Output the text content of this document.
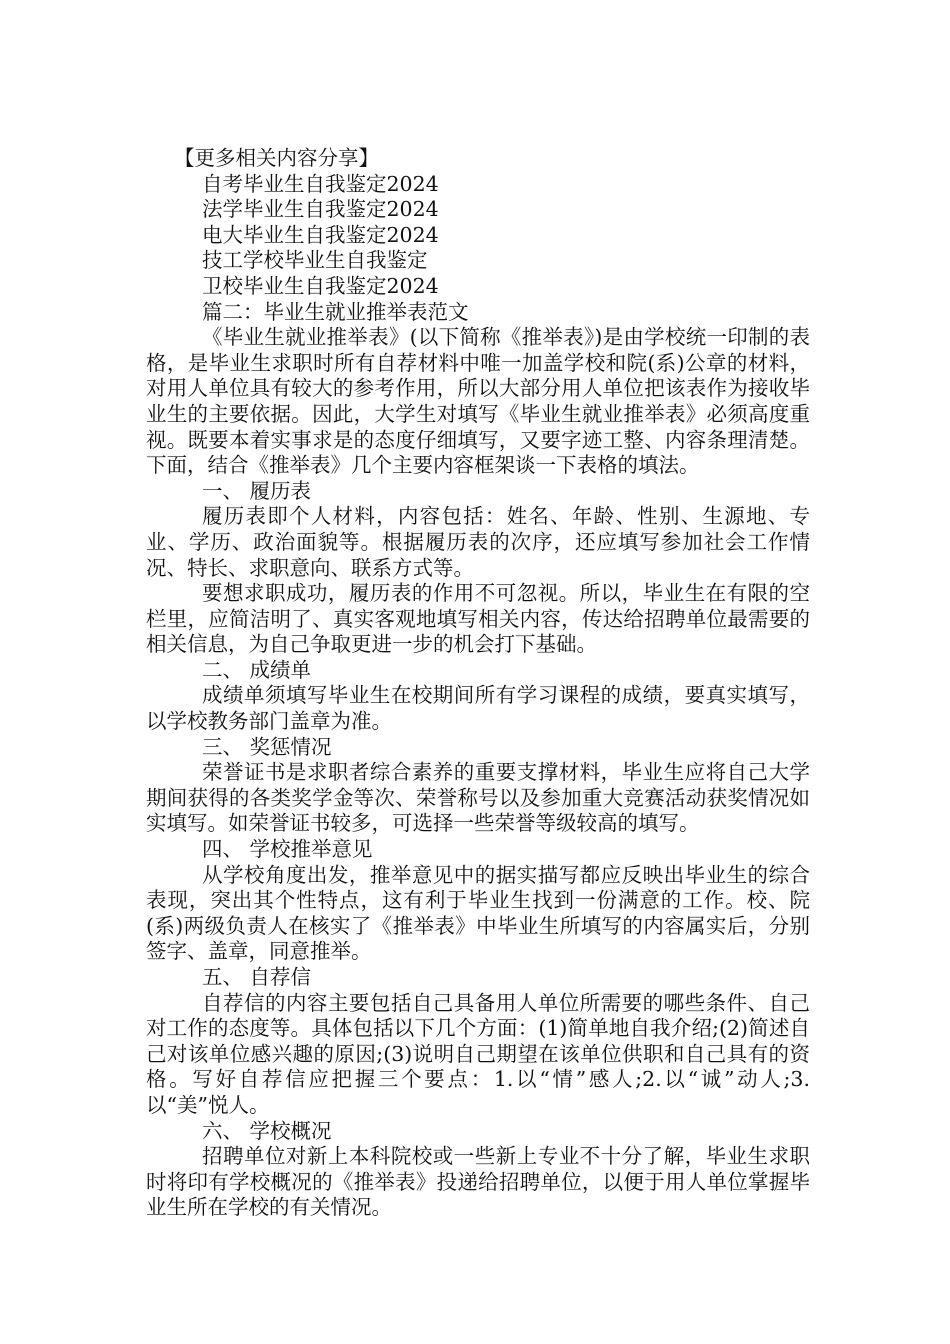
【更多相关内容分享】
自考毕业生自我鉴定2024
法学毕业生自我鉴定2024
电大毕业生自我鉴定2024
技工学校毕业生自我鉴定
卫校毕业生自我鉴定2024
篇二：毕业生就业推举表范文
《毕业生就业推举表》(以下简称《推举表》)是由学校统一印制的表格，是毕业生求职时所有自荐材料中唯一加盖学校和院(系)公章的材料，对用人单位具有较大的参考作用，所以大部分用人单位把该表作为接收毕业生的主要依据。因此，大学生对填写《毕业生就业推举表》必须高度重视。既要本着实事求是的态度仔细填写，又要字迹工整、内容条理清楚。下面，结合《推举表》几个主要内容框架谈一下表格的填法。
一、 履历表
履历表即个人材料，内容包括：姓名、年龄、性别、生源地、专业、学历、政治面貌等。根据履历表的次序，还应填写参加社会工作情况、特长、求职意向、联系方式等。
要想求职成功，履历表的作用不可忽视。所以，毕业生在有限的空栏里，应简洁明了、真实客观地填写相关内容，传达给招聘单位最需要的相关信息，为自己争取更进一步的机会打下基础。
二、 成绩单
成绩单须填写毕业生在校期间所有学习课程的成绩，要真实填写，以学校教务部门盖章为准。
三、 奖惩情况
荣誉证书是求职者综合素养的重要支撑材料，毕业生应将自己大学期间获得的各类奖学金等次、荣誉称号以及参加重大竞赛活动获奖情况如实填写。如荣誉证书较多，可选择一些荣誉等级较高的填写。
四、 学校推举意见
从学校角度出发，推举意见中的据实描写都应反映出毕业生的综合表现，突出其个性特点，这有利于毕业生找到一份满意的工作。校、院(系)两级负责人在核实了《推举表》中毕业生所填写的内容属实后，分别签字、盖章，同意推举。
五、 自荐信
自荐信的内容主要包括自己具备用人单位所需要的哪些条件、自己对工作的态度等。具体包括以下几个方面：(1)简单地自我介绍;(2)简述自己对该单位感兴趣的原因;(3)说明自己期望在该单位供职和自己具有的资格。写好自荐信应把握三个要点：1.以“情”感人;2.以“诚”动人;3.以“美”悦人。
六、 学校概况
招聘单位对新上本科院校或一些新上专业不十分了解，毕业生求职时将印有学校概况的《推举表》投递给招聘单位，以便于用人单位掌握毕业生所在学校的有关情况。
